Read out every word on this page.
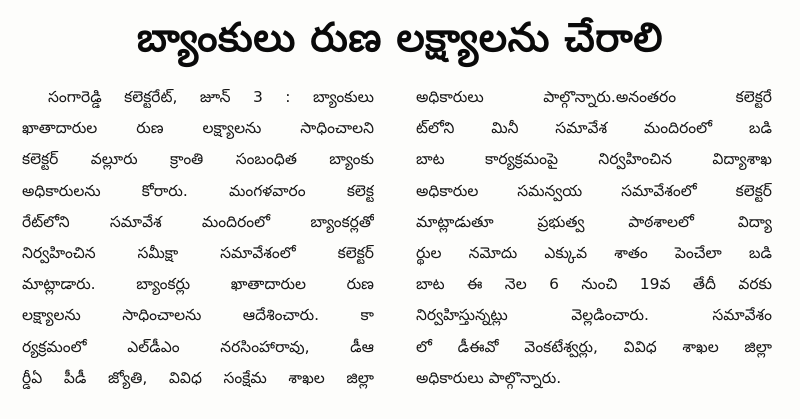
బ్యాంకులు రుణ లక్ష్యాలను చేరాలి
సంగారెడ్డి కలెక్టరేట్, జూన్ 3 : బ్యాంకులు
ఖాతాదారుల రుణ లక్ష్యాలను సాధించాలని
కలెక్టర్ వల్లూరు క్రాంతి సంబంధిత బ్యాంకు
అధికారులను కోరారు. మంగళవారం కలెక్ట
రేట్‌లోని సమావేశ మందిరంలో బ్యాంకర్లతో
నిర్వహించిన సమీక్షా సమావేశంలో కలెక్టర్
మాట్లాడారు. బ్యాంకర్లు ఖాతాదారుల రుణ
లక్ష్యాలను సాధించాలను ఆదేశించారు. కా
ర్యక్రమంలో ఎల్‌డీఎం నరసింహారావు, డీఆ
ర్డీఏ పీడీ జ్యోతి, వివిధ సంక్షేమ శాఖల జిల్లా
అధికారులు పాల్గొన్నారు.అనంతరం కలెక్టరే
ట్‌లోని మినీ సమావేశ మందిరంలో బడి
బాట కార్యక్రమంపై నిర్వహించిన విద్యాశాఖ
అధికారుల సమన్వయ సమావేశంలో కలెక్టర్
మాట్లాడుతూ ప్రభుత్వ పాఠశాలలో విద్యా
ర్థుల నమోదు ఎక్కువ శాతం పెంచేలా బడి
బాట ఈ నెల 6 నుంచి 19వ తేదీ వరకు
నిర్వహిస్తున్నట్లు వెల్లడించారు. సమావేశం
లో డీఈవో వెంకటేశ్వర్లు, వివిధ శాఖల జిల్లా
అధికారులు పాల్గొన్నారు.
